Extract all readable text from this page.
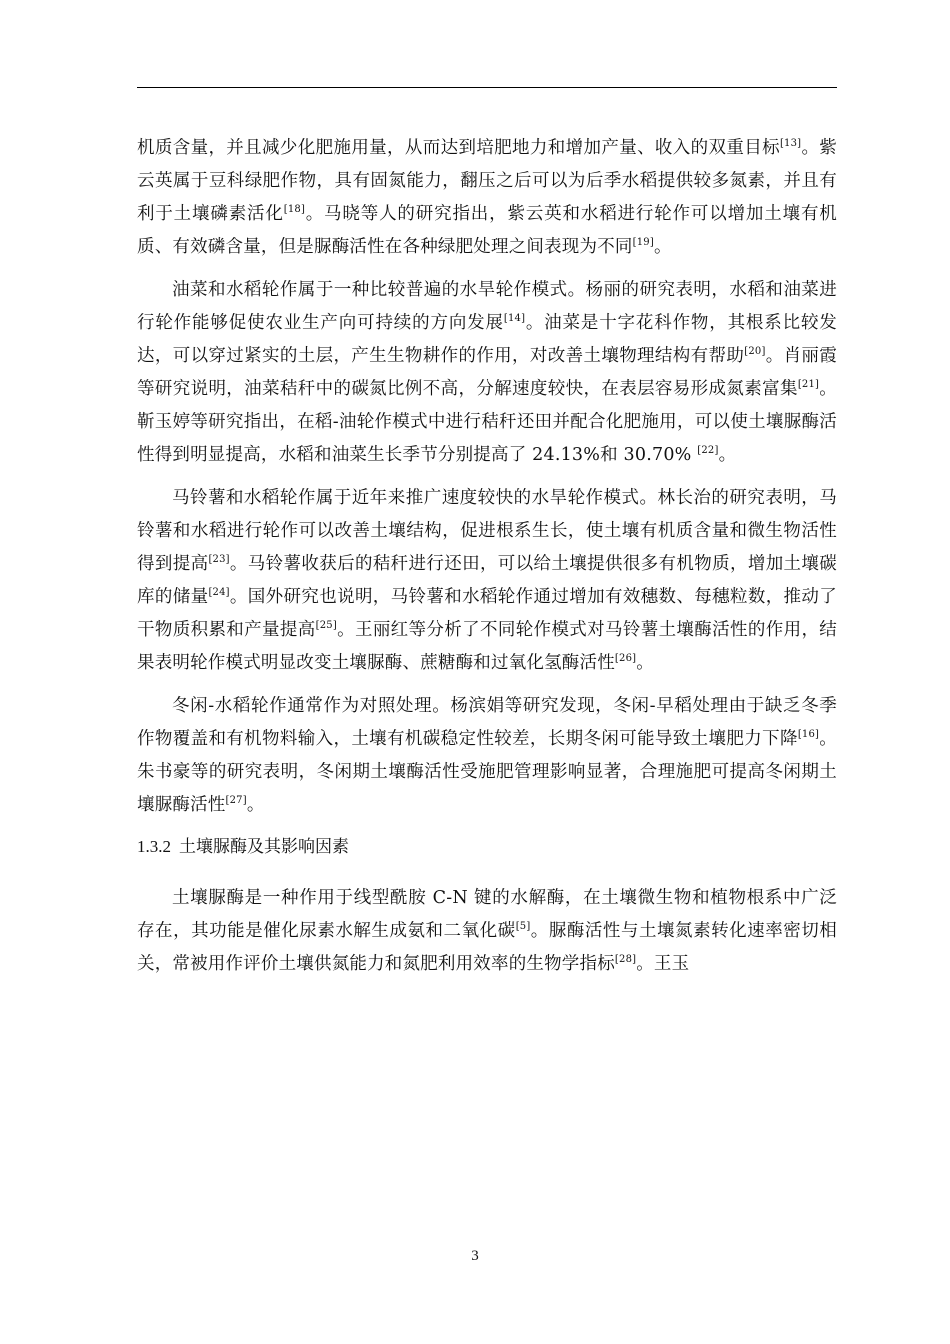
机质含量，并且减少化肥施用量，从而达到培肥地力和增加产量、收入的双重目标[13]。紫云英属于豆科绿肥作物，具有固氮能力，翻压之后可以为后季水稻提供较多氮素，并且有利于土壤磷素活化[18]。马晓等人的研究指出，紫云英和水稻进行轮作可以增加土壤有机质、有效磷含量，但是脲酶活性在各种绿肥处理之间表现为不同[19]。

油菜和水稻轮作属于一种比较普遍的水旱轮作模式。杨丽的研究表明，水稻和油菜进行轮作能够促使农业生产向可持续的方向发展[14]。油菜是十字花科作物，其根系比较发达，可以穿过紧实的土层，产生生物耕作的作用，对改善土壤物理结构有帮助[20]。肖丽霞等研究说明，油菜秸秆中的碳氮比例不高，分解速度较快，在表层容易形成氮素富集[21]。靳玉婷等研究指出，在稻-油轮作模式中进行秸秆还田并配合化肥施用，可以使土壤脲酶活性得到明显提高，水稻和油菜生长季节分别提高了 24.13%和 30.70% [22]。

马铃薯和水稻轮作属于近年来推广速度较快的水旱轮作模式。林长治的研究表明，马铃薯和水稻进行轮作可以改善土壤结构，促进根系生长，使土壤有机质含量和微生物活性得到提高[23]。马铃薯收获后的秸秆进行还田，可以给土壤提供很多有机物质，增加土壤碳库的储量[24]。国外研究也说明，马铃薯和水稻轮作通过增加有效穗数、每穗粒数，推动了干物质积累和产量提高[25]。王丽红等分析了不同轮作模式对马铃薯土壤酶活性的作用，结果表明轮作模式明显改变土壤脲酶、蔗糖酶和过氧化氢酶活性[26]。

冬闲-水稻轮作通常作为对照处理。杨滨娟等研究发现，冬闲-早稻处理由于缺乏冬季作物覆盖和有机物料输入，土壤有机碳稳定性较差，长期冬闲可能导致土壤肥力下降[16]。朱书豪等的研究表明，冬闲期土壤酶活性受施肥管理影响显著，合理施肥可提高冬闲期土壤脲酶活性[27]。

1.3.2 土壤脲酶及其影响因素

土壤脲酶是一种作用于线型酰胺 C-N 键的水解酶，在土壤微生物和植物根系中广泛存在，其功能是催化尿素水解生成氨和二氧化碳[5]。脲酶活性与土壤氮素转化速率密切相关，常被用作评价土壤供氮能力和氮肥利用效率的生物学指标[28]。王玉

3
